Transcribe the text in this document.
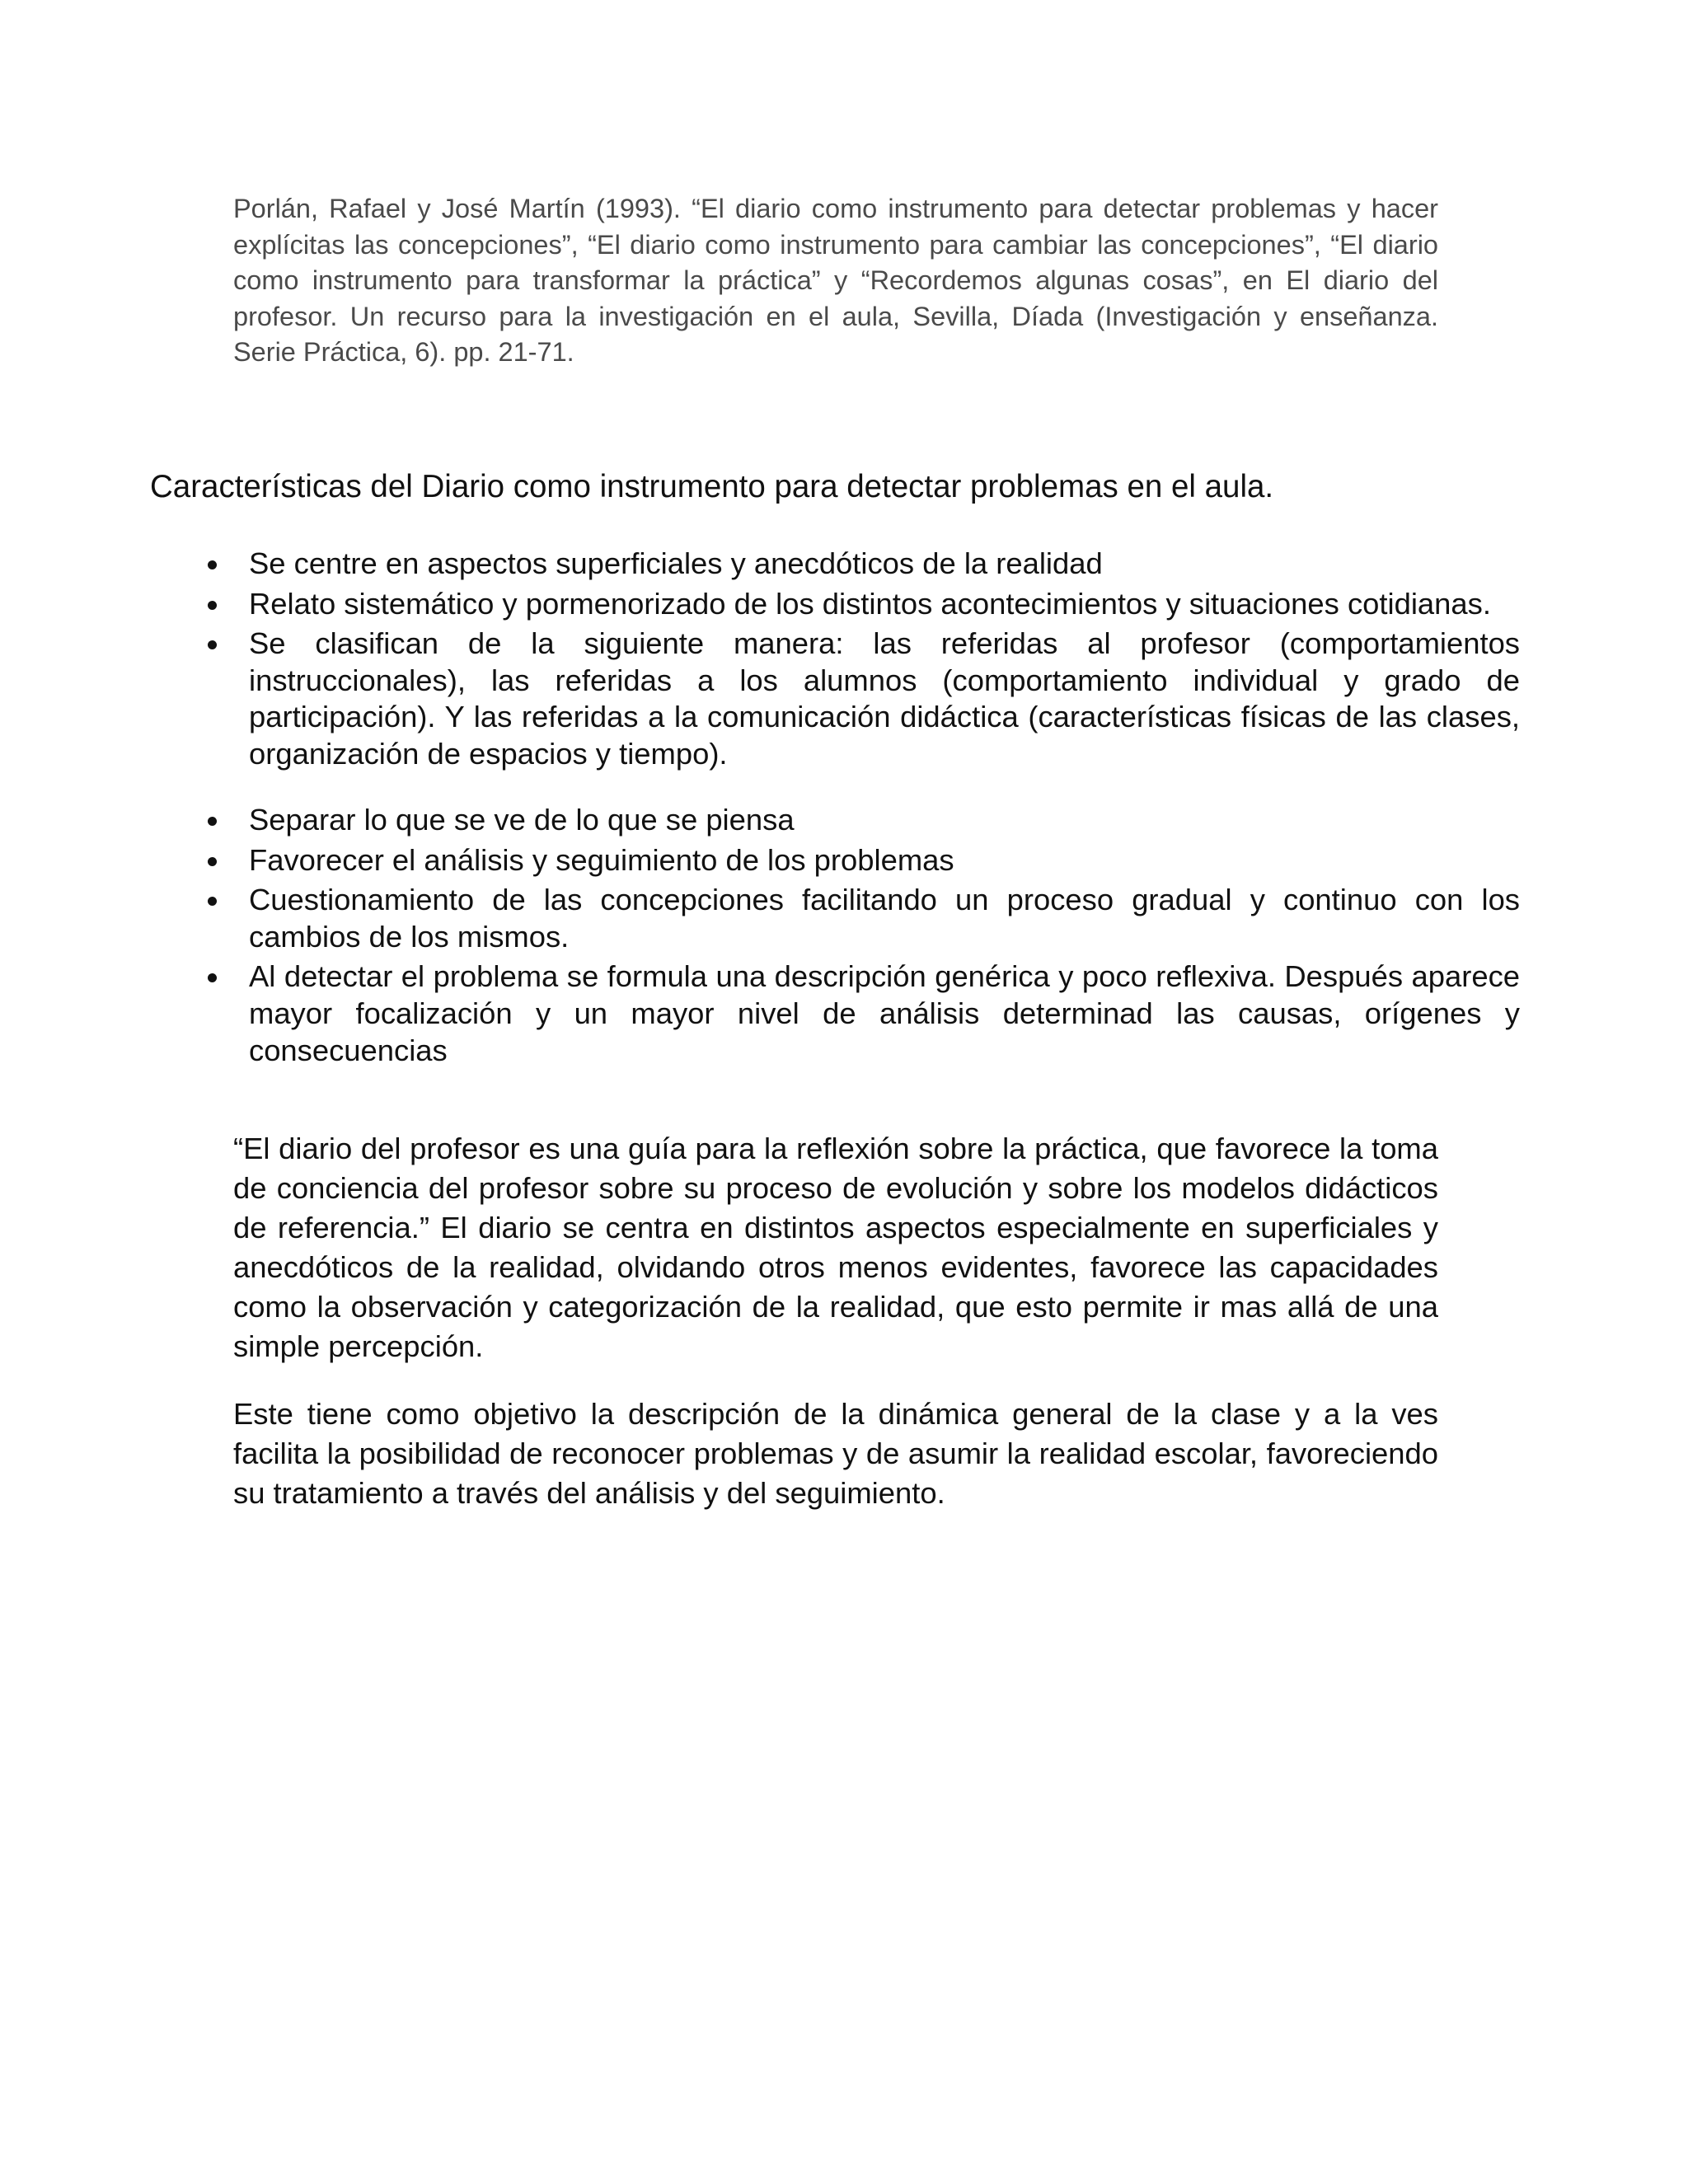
Porlán, Rafael y José Martín (1993). “El diario como instrumento para detectar problemas y hacer explícitas las concepciones”, “El diario como instrumento para cambiar las concepciones”, “El diario como instrumento para transformar la práctica” y “Recordemos algunas cosas”, en El diario del profesor. Un recurso para la investigación en el aula, Sevilla, Díada (Investigación y enseñanza. Serie Práctica, 6). pp. 21-71.

Características del Diario como instrumento para detectar problemas en el aula.
Se centre en aspectos superficiales y anecdóticos de la realidad
Relato sistemático y pormenorizado de los distintos acontecimientos y situaciones cotidianas.
Se clasifican de la siguiente manera: las referidas al profesor (comportamientos instruccionales), las referidas a los alumnos (comportamiento individual y grado de participación). Y las referidas a la comunicación didáctica (características físicas de las clases, organización de espacios y tiempo).
Separar lo que se ve de lo que se piensa
Favorecer el análisis y seguimiento de los problemas
Cuestionamiento de las concepciones facilitando un proceso gradual y continuo con los cambios de los mismos.
Al detectar el problema se formula una descripción genérica y poco reflexiva. Después aparece mayor focalización y un mayor nivel de análisis determinad las causas, orígenes y consecuencias

“El diario del profesor es una guía para la reflexión sobre la práctica, que favorece la toma de conciencia del profesor sobre su proceso de evolución y sobre los modelos didácticos de referencia.” El diario se centra en distintos aspectos especialmente en superficiales y anecdóticos de la realidad, olvidando otros menos evidentes, favorece las capacidades como la observación y categorización de la realidad, que esto permite ir mas allá de una simple percepción.

Este tiene como objetivo la descripción de la dinámica general de la clase y a la ves facilita la posibilidad de reconocer problemas y de asumir la realidad escolar, favoreciendo su tratamiento a través del análisis y del seguimiento.
